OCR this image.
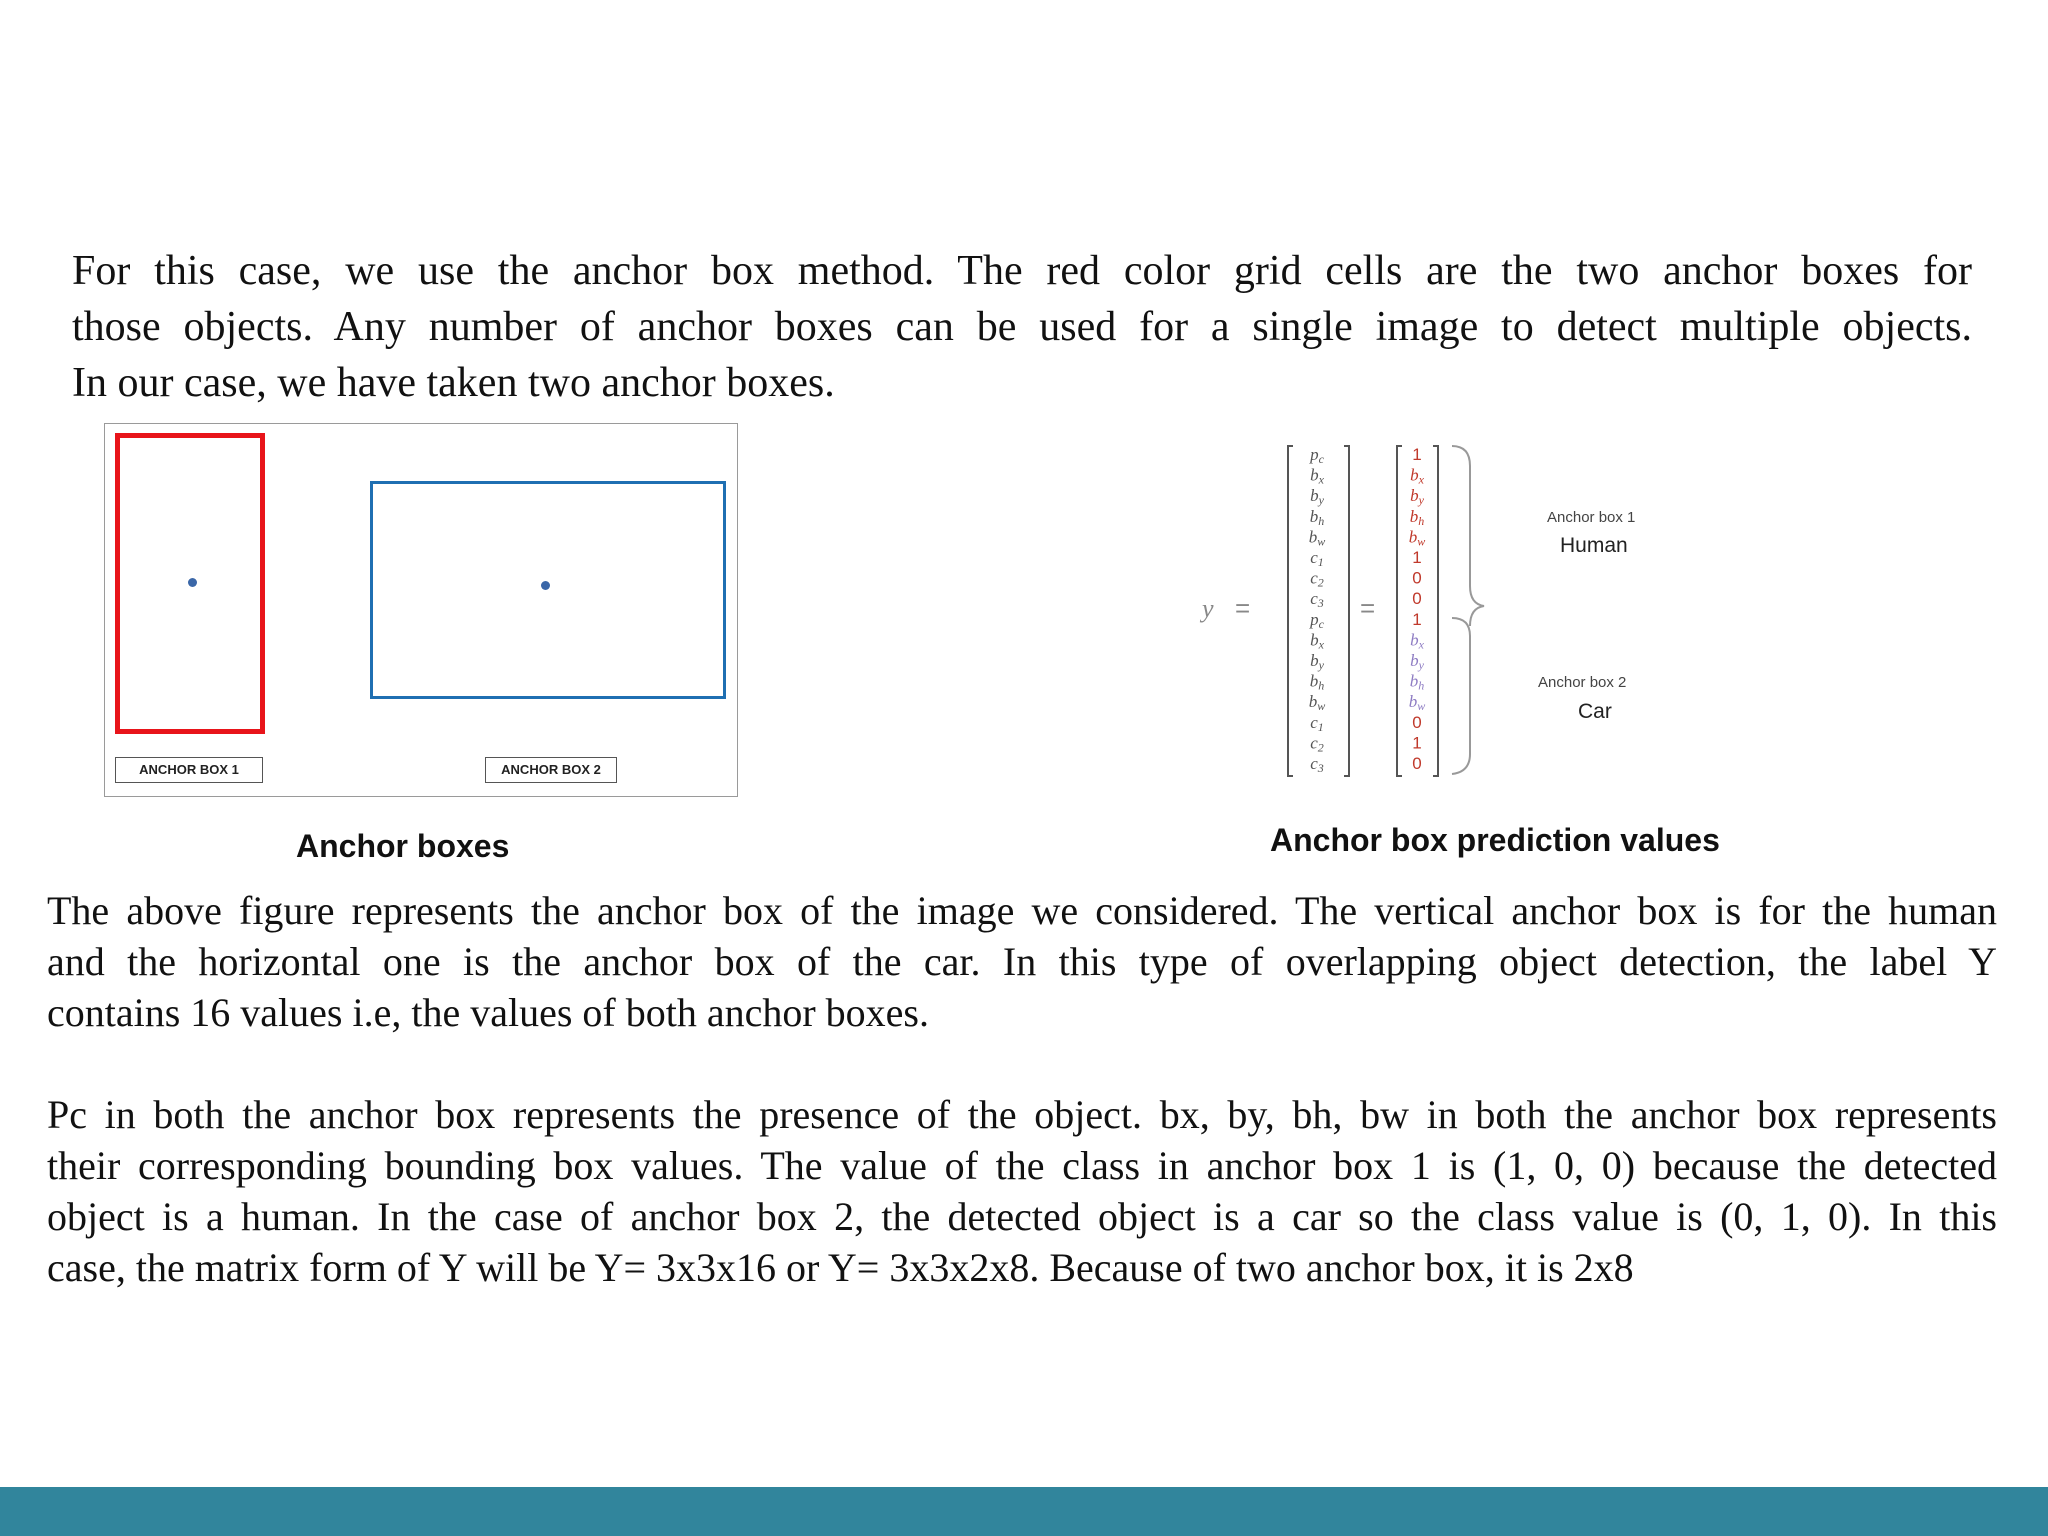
For this case, we use the anchor box method. The red color grid cells are the two anchor boxes for
those objects. Any number of anchor boxes can be used for a single image to detect multiple objects.
In our case, we have taken two anchor boxes.
ANCHOR BOX 1	ANCHOR BOX 2
Anchor boxes
y =
pc
bx
by
bh
bw
c1
c2
c3
pc
bx
by
bh
bw
c1
c2
c3
=
1
bx
by
bh
bw
1
0
0
1
bx
by
bh
bw
0
1
0
Anchor box 1
Human
Anchor box 2
Car
Anchor box prediction values
The above figure represents the anchor box of the image we considered. The vertical anchor box is for the human
and the horizontal one is the anchor box of the car. In this type of overlapping object detection, the label Y
contains 16 values i.e, the values of both anchor boxes.
Pc in both the anchor box represents the presence of the object. bx, by, bh, bw in both the anchor box represents
their corresponding bounding box values. The value of the class in anchor box 1 is (1, 0, 0) because the detected
object is a human. In the case of anchor box 2, the detected object is a car so the class value is (0, 1, 0). In this
case, the matrix form of Y will be Y= 3x3x16 or Y= 3x3x2x8. Because of two anchor box, it is 2x8
